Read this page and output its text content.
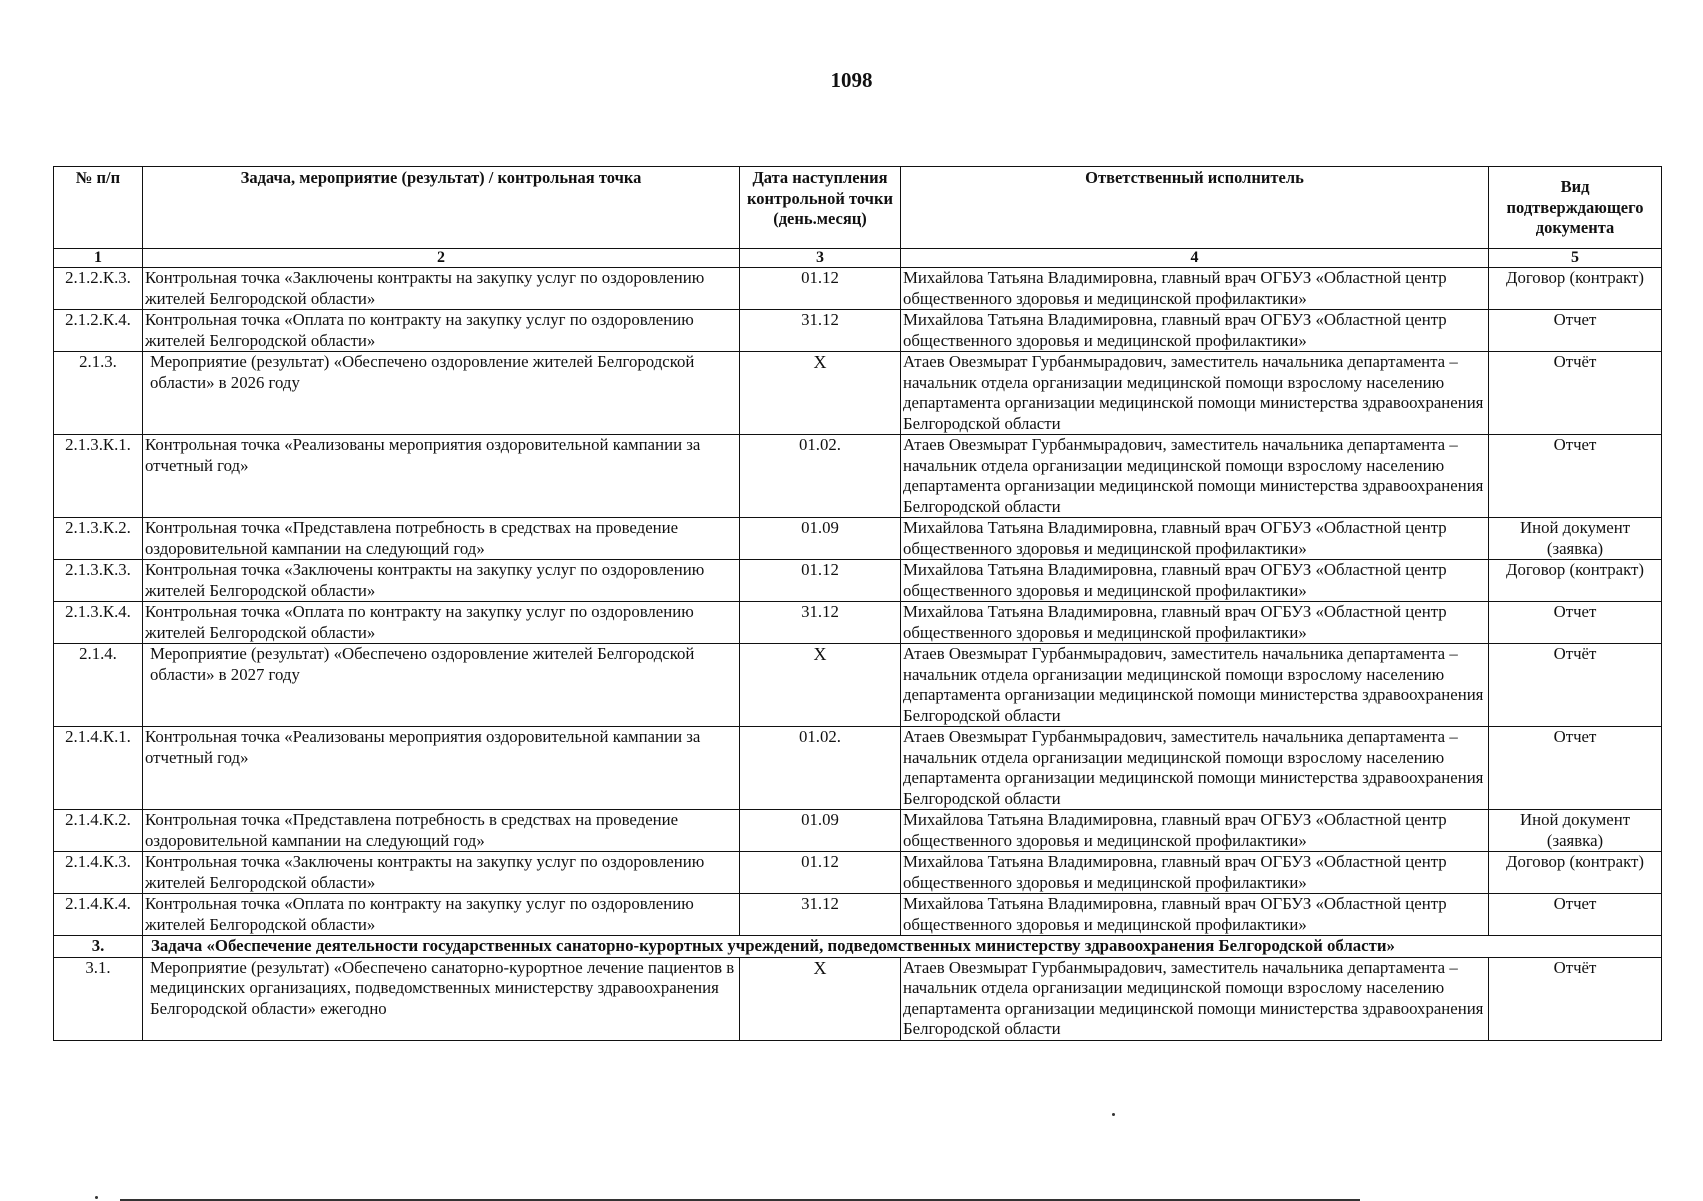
1098
№ п/п	Задача, мероприятие (результат) / контрольная точка	Дата наступления контрольной точки (день.месяц)	Ответственный исполнитель	Вид подтверждающего документа
1	2	3	4	5
2.1.2.К.3.	Контрольная точка «Заключены контракты на закупку услуг по оздоровлению жителей Белгородской области»	01.12	Михайлова Татьяна Владимировна, главный врач ОГБУЗ «Областной центр общественного здоровья и медицинской профилактики»	Договор (контракт)
2.1.2.К.4.	Контрольная точка «Оплата по контракту на закупку услуг по оздоровлению жителей Белгородской области»	31.12	Михайлова Татьяна Владимировна, главный врач ОГБУЗ «Областной центр общественного здоровья и медицинской профилактики»	Отчет
2.1.3.	Мероприятие (результат) «Обеспечено оздоровление жителей Белгородской области» в 2026 году	X	Атаев Овезмырат Гурбанмырадович, заместитель начальника департамента – начальник отдела организации медицинской помощи взрослому населению департамента организации медицинской помощи министерства здравоохранения Белгородской области	Отчёт
2.1.3.К.1.	Контрольная точка «Реализованы мероприятия оздоровительной кампании за отчетный год»	01.02.	Атаев Овезмырат Гурбанмырадович, заместитель начальника департамента – начальник отдела организации медицинской помощи взрослому населению департамента организации медицинской помощи министерства здравоохранения Белгородской области	Отчет
2.1.3.К.2.	Контрольная точка «Представлена потребность в средствах на проведение оздоровительной кампании на следующий год»	01.09	Михайлова Татьяна Владимировна, главный врач ОГБУЗ «Областной центр общественного здоровья и медицинской профилактики»	Иной документ (заявка)
2.1.3.К.3.	Контрольная точка «Заключены контракты на закупку услуг по оздоровлению жителей Белгородской области»	01.12	Михайлова Татьяна Владимировна, главный врач ОГБУЗ «Областной центр общественного здоровья и медицинской профилактики»	Договор (контракт)
2.1.3.К.4.	Контрольная точка «Оплата по контракту на закупку услуг по оздоровлению жителей Белгородской области»	31.12	Михайлова Татьяна Владимировна, главный врач ОГБУЗ «Областной центр общественного здоровья и медицинской профилактики»	Отчет
2.1.4.	Мероприятие (результат) «Обеспечено оздоровление жителей Белгородской области» в 2027 году	X	Атаев Овезмырат Гурбанмырадович, заместитель начальника департамента – начальник отдела организации медицинской помощи взрослому населению департамента организации медицинской помощи министерства здравоохранения Белгородской области	Отчёт
2.1.4.К.1.	Контрольная точка «Реализованы мероприятия оздоровительной кампании за отчетный год»	01.02.	Атаев Овезмырат Гурбанмырадович, заместитель начальника департамента – начальник отдела организации медицинской помощи взрослому населению департамента организации медицинской помощи министерства здравоохранения Белгородской области	Отчет
2.1.4.К.2.	Контрольная точка «Представлена потребность в средствах на проведение оздоровительной кампании на следующий год»	01.09	Михайлова Татьяна Владимировна, главный врач ОГБУЗ «Областной центр общественного здоровья и медицинской профилактики»	Иной документ (заявка)
2.1.4.К.3.	Контрольная точка «Заключены контракты на закупку услуг по оздоровлению жителей Белгородской области»	01.12	Михайлова Татьяна Владимировна, главный врач ОГБУЗ «Областной центр общественного здоровья и медицинской профилактики»	Договор (контракт)
2.1.4.К.4.	Контрольная точка «Оплата по контракту на закупку услуг по оздоровлению жителей Белгородской области»	31.12	Михайлова Татьяна Владимировна, главный врач ОГБУЗ «Областной центр общественного здоровья и медицинской профилактики»	Отчет
3.	Задача «Обеспечение деятельности государственных санаторно-курортных учреждений, подведомственных министерству здравоохранения Белгородской области»			
3.1.	Мероприятие (результат) «Обеспечено санаторно-курортное лечение пациентов в медицинских организациях, подведомственных министерству здравоохранения Белгородской области» ежегодно	X	Атаев Овезмырат Гурбанмырадович, заместитель начальника департамента – начальник отдела организации медицинской помощи взрослому населению департамента организации медицинской помощи министерства здравоохранения Белгородской области	Отчёт
